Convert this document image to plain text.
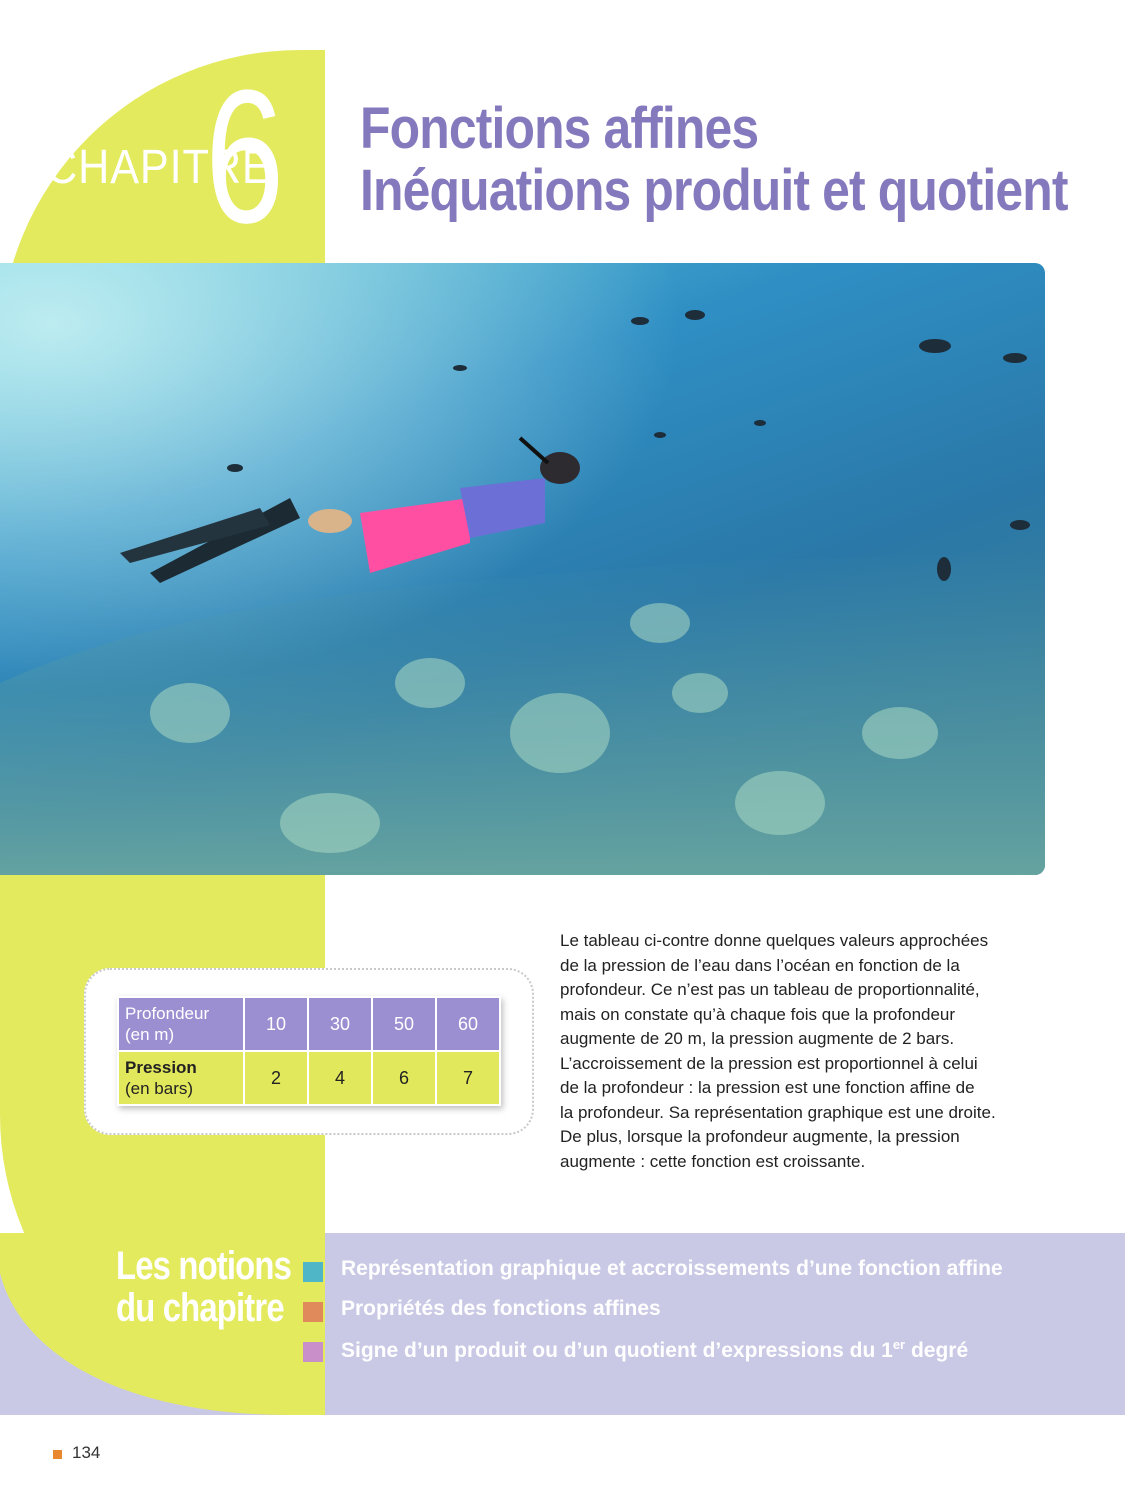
CHAPITRE
6 Fonctions affines
Inéquations produit et quotient
Profondeur
(en m)	10	30	50	60

Pression
(en bars)	2	4	6	7

Le tableau ci-contre donne quelques valeurs approchées

de la pression de l’eau dans l’océan en fonction de la

profondeur. Ce n’est pas un tableau de proportionnalité,

mais on constate qu’à chaque fois que la profondeur

augmente de 20 m, la pression augmente de 2 bars.

L’accroissement de la pression est proportionnel à celui

de la profondeur : la pression est une fonction affine de

la profondeur. Sa représentation graphique est une droite.

De plus, lorsque la profondeur augmente, la pression

augmente : cette fonction est croissante.

Les notions
du chapitre
Représentation graphique et accroissements d’une fonction affine
Propriétés des fonctions affines
Signe d’un produit ou d’un quotient d’expressions du 1er degré
134
